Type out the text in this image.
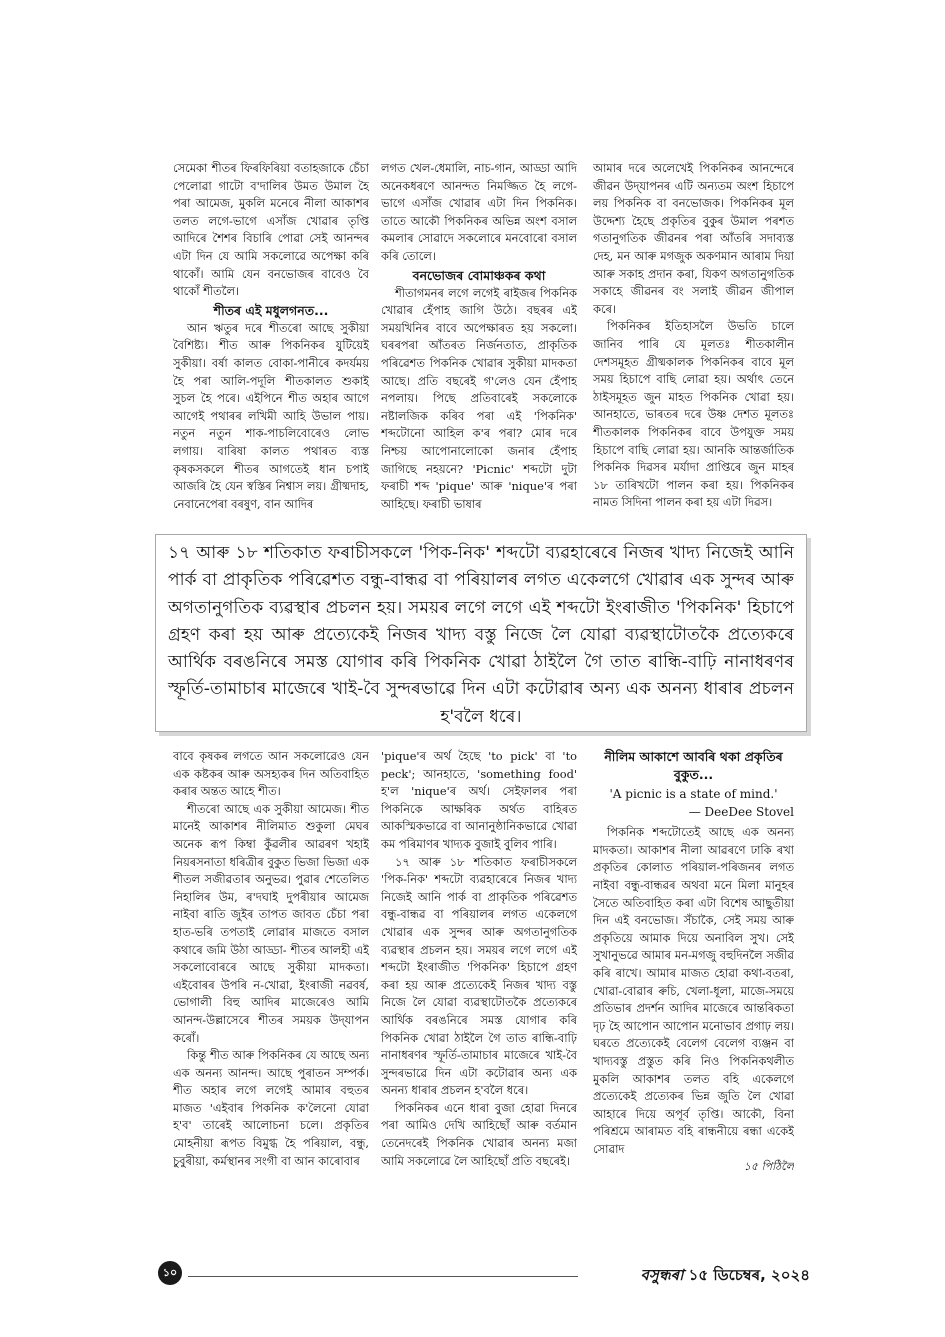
সেমেকা শীতৰ ফিৰফিৰিয়া বতাহজাকে চেঁচা পেলোৱা গাটো ব'দালিৰ উমত উমাল হৈ পৰা আমেজ, মুকলি মনেৰে নীলা আকাশৰ তলত লগে-ভাগে এসাঁজ খোৱাৰ তৃপ্তি আদিৰে শৈশৰ বিচাৰি পোৱা সেই আনন্দৰ এটা দিন যে আমি সকলোৱে অপেক্ষা কৰি থাকোঁ। আমি যেন বনভোজৰ বাবেও বৈ থাকোঁ শীতলৈ।

শীতৰ এই মধুলগনত...

আন ঋতুৰ দৰে শীতৰো আছে সুকীয়া বৈশিষ্ট্য। শীত আৰু পিকনিকৰ যুটিয়েই সুকীয়া। বৰ্ষা কালত বোকা-পানীৰে কদৰ্যময় হৈ পৰা আলি-পদূলি শীতকালত শুকাই সুচল হৈ পৰে। এইপিনে শীত অহাৰ আগে আগেই পথাৰৰ লখিমী আহি উভাল পায়। নতুন নতুন শাক-পাচলিবোৰেও লোভ লগায়। বাৰিষা কালত পথাৰত ব্যস্ত কৃষকসকলে শীতৰ আগতেই ধান চপাই আজৰি হৈ যেন স্বস্তিৰ নিশ্বাস লয়। গ্ৰীষ্মদাহ, নেবানেপেৰা বৰষুণ, বান আদিৰ

লগত খেল-ধেমালি, নাচ-গান, আড্ডা আদি অনেকধৰণে আনন্দত নিমজ্জিত হৈ লগে-ভাগে এসাঁজ খোৱাৰ এটা দিন পিকনিক। তাতে আকৌ পিকনিকৰ অভিন্ন অংশ বসাল কমলাৰ সোৱাদে সকলোৰে মনবোৰো বসাল কৰি তোলে।

বনভোজৰ বোমাঞ্চকৰ কথা

শীতাগমনৰ লগে লগেই ৰাইজৰ পিকনিক খোৱাৰ হেঁপাহ জাগি উঠে। বছৰৰ এই সময়খিনিৰ বাবে অপেক্ষাৰত হয় সকলো। ঘৰৰপৰা আঁতৰত নিৰ্জনতাত, প্ৰাকৃতিক পৰিৱেশত পিকনিক খোৱাৰ সুকীয়া মাদকতা আছে। প্ৰতি বছৰেই গ'লেও যেন হেঁপাহ নপলায়। পিছে প্ৰতিবাৰেই সকলোকে নষ্টালজিক কৰিব পৰা এই 'পিকনিক' শব্দটোনো আহিল ক'ৰ পৰা? মোৰ দৰে নিশ্চয় আপোনালোকো জনাৰ হেঁপাহ জাগিছে নহয়নে? 'Picnic' শব্দটো দুটা ফৰাচী শব্দ 'pique' আৰু 'nique'ৰ পৰা আহিছে। ফৰাচী ভাষাৰ

আমাৰ দৰে অলেখেই পিকনিকৰ আনন্দেৰে জীৱন উদ্‌যাপনৰ এটি অন্যতম অংশ হিচাপে লয় পিকনিক বা বনভোজক। পিকনিকৰ মূল উদ্দেশ্য হৈছে প্ৰকৃতিৰ বুকুৰ উমাল পৰশত গতানুগতিক জীৱনৰ পৰা আঁতৰি সদাব্যস্ত দেহ, মন আৰু মগজুক অকণমান আৰাম দিয়া আৰু সকাহ প্ৰদান কৰা, যিকণ অগতানুগতিক সকাহে জীৱনৰ বং সলাই জীৱন জীপাল কৰে।

পিকনিকৰ ইতিহাসলৈ উভতি চালে জানিব পাৰি যে মূলতঃ শীতকালীন দেশসমূহত গ্ৰীষ্মকালক পিকনিকৰ বাবে মূল সময় হিচাপে বাছি লোৱা হয়। অৰ্থাৎ তেনে ঠাইসমূহত জুন মাহত পিকনিক খোৱা হয়। আনহাতে, ভাৰতৰ দৰে উষ্ণ দেশত মূলতঃ শীতকালক পিকনিকৰ বাবে উপযুক্ত সময় হিচাপে বাছি লোৱা হয়। আনকি আন্তৰ্জাতিক পিকনিক দিৱসৰ মৰ্যাদা প্ৰাপ্তিৰে জুন মাহৰ ১৮ তাৰিখটো পালন কৰা হয়। পিকনিকৰ নামত সিদিনা পালন কৰা হয় এটা দিৱস।

১৭ আৰু ১৮ শতিকাত ফৰাচীসকলে 'পিক-নিক' শব্দটো ব্যৱহাৰেৰে নিজৰ খাদ্য নিজেই আনি পাৰ্ক বা প্ৰাকৃতিক পৰিৱেশত বন্ধু-বান্ধৱ বা পৰিয়ালৰ লগত একেলগে খোৱাৰ এক সুন্দৰ আৰু অগতানুগতিক ব্যৱস্থাৰ প্ৰচলন হয়। সময়ৰ লগে লগে এই শব্দটো ইংৰাজীত 'পিকনিক' হিচাপে গ্ৰহণ কৰা হয় আৰু প্ৰত্যেকেই নিজৰ খাদ্য বস্তু নিজে লৈ যোৱা ব্যৱস্থাটোতকৈ প্ৰত্যেকৰে আৰ্থিক বৰঙনিৰে সমস্ত যোগাৰ কৰি পিকনিক খোৱা ঠাইলৈ গৈ তাত ৰান্ধি-বাঢ়ি নানাধৰণৰ স্ফূৰ্তি-তামাচাৰ মাজেৰে খাই-বৈ সুন্দৰভাৱে দিন এটা কটোৱাৰ অন্য এক অনন্য ধাৰাৰ প্ৰচলন হ'বলৈ ধৰে।

বাবে কৃষকৰ লগতে আন সকলোৱেও যেন এক কষ্টকৰ আৰু অসহ্যকৰ দিন অতিবাহিত কৰাৰ অন্তত আহে শীত।

শীতৰো আছে এক সুকীয়া আমেজ। শীত মানেই আকাশৰ নীলিমাত শুকুলা মেঘৰ অনেক ৰূপ কিম্বা কুঁৱলীৰ আৱৰণ খহাই নিয়ৰসনাতা ধৰিত্ৰীৰ বুকুত ভিজা ভিজা এক শীতল সজীৱতাৰ অনুভৱ। পুৱাৰ শেতেলিত নিহালিৰ উম, ৰ'দঘাই দুপৰীয়াৰ আমেজ নাইবা ৰাতি জুইৰ তাপত জাবত চেঁচা পৰা হাত-ভৰি তপতাই লোৱাৰ মাজতে বসাল কথাৰে জমি উঠা আড্ডা- শীতৰ আলহী এই সকলোবোৰৰে আছে সুকীয়া মাদকতা। এইবোৰৰ উপৰি ন-খোৱা, ইংৰাজী নৱবৰ্ষ, ভোগালী বিহু আদিৰ মাজেৰেও আমি আনন্দ-উল্লাসেৰে শীতৰ সময়ক উদ্‌যাপন কৰোঁ।

কিন্তু শীত আৰু পিকনিকৰ যে আছে অন্য এক অনন্য আনন্দ। আছে পুৰাতন সম্পৰ্ক। শীত অহাৰ লগে লগেই আমাৰ বহুতৰ মাজত 'এইবাৰ পিকনিক ক'লৈনো যোৱা হ'ব' তাৰেই আলোচনা চলে। প্ৰকৃতিৰ মোহনীয়া ৰূপত বিমুগ্ধ হৈ পৰিয়াল, বন্ধু, চুবুৰীয়া, কৰ্মস্থানৰ সংগী বা আন কাৰোবাৰ

'pique'ৰ অৰ্থ হৈছে 'to pick' বা 'to peck'; আনহাতে, 'something food' হ'ল 'nique'ৰ অৰ্থ। সেইফালৰ পৰা পিকনিকে আক্ষৰিক অৰ্থত বাহিৰত আকস্মিকভাৱে বা আনানুষ্ঠানিকভাৱে খোৱা কম পৰিমাণৰ খাদ্যক বুজাই বুলিব পাৰি।

১৭ আৰু ১৮ শতিকাত ফৰাচীসকলে 'পিক-নিক' শব্দটো ব্যৱহাৰেৰে নিজৰ খাদ্য নিজেই আনি পাৰ্ক বা প্ৰাকৃতিক পৰিৱেশত বন্ধু-বান্ধৱ বা পৰিয়ালৰ লগত একেলগে খোৱাৰ এক সুন্দৰ আৰু অগতানুগতিক ব্যৱস্থাৰ প্ৰচলন হয়। সময়ৰ লগে লগে এই শব্দটো ইংৰাজীত 'পিকনিক' হিচাপে গ্ৰহণ কৰা হয় আৰু প্ৰত্যেকেই নিজৰ খাদ্য বস্তু নিজে লৈ যোৱা ব্যৱস্থাটোতকৈ প্ৰত্যেকৰে আৰ্থিক বৰঙনিৰে সমস্ত যোগাৰ কৰি পিকনিক খোৱা ঠাইলৈ গৈ তাত ৰান্ধি-বাঢ়ি নানাধৰণৰ স্ফূৰ্তি-তামাচাৰ মাজেৰে খাই-বৈ সুন্দৰভাৱে দিন এটা কটোৱাৰ অন্য এক অনন্য ধাৰাৰ প্ৰচলন হ'বলৈ ধৰে।

পিকনিকৰ এনে ধাৰা বুজা হোৱা দিনৰে পৰা আমিও দেখি আহিছোঁ আৰু বৰ্তমান তেনেদৰেই পিকনিক খোৱাৰ অনন্য মজা আমি সকলোৱে লৈ আহিছোঁ প্ৰতি বছৰেই।

নীলিম আকাশে আবৰি থকা প্ৰকৃতিৰ বুকুত...
'A picnic is a state of mind.'
— DeeDee Stovel

পিকনিক শব্দটোতেই আছে এক অনন্য মাদকতা। আকাশৰ নীলা আৱৰণে ঢাকি ৰখা প্ৰকৃতিৰ কোলাত পৰিয়াল-পৰিজনৰ লগত নাইবা বন্ধু-বান্ধৱৰ অথবা মনে মিলা মানুহৰ সৈতে অতিবাহিত কৰা এটা বিশেষ আছুতীয়া দিন এই বনভোজ। সঁচাকৈ, সেই সময় আৰু প্ৰকৃতিয়ে আমাক দিয়ে অনাবিল সুখ। সেই সুখানুভৱে আমাৰ মন-মগজু বহুদিনলৈ সজীৱ কৰি ৰাখে। আমাৰ মাজত হোৱা কথা-বতৰা, খোৱা-বোৱাৰ ৰুচি, খেলা-ধূলা, মাজে-সময়ে প্ৰতিভাৰ প্ৰদৰ্শন আদিৰ মাজেৰে আন্তৰিকতা দৃঢ় হৈ আপোন আপোন মনোভাব প্ৰগাঢ় লয়। ঘৰতে প্ৰত্যেকেই বেলেগ বেলেগ ব্যঞ্জন বা খাদ্যবস্তু প্ৰস্তুত কৰি নিও পিকনিকথলীত মুকলি আকাশৰ তলত বহি একেলগে প্ৰত্যেকেই প্ৰত্যেকৰ ভিন্ন জুতি লৈ খোৱা আহাৰে দিয়ে অপূৰ্ব তৃপ্তি। আকৌ, বিনা পৰিশ্ৰমে আৰামত বহি ৰান্ধনীয়ে ৰন্ধা একেই সোৱাদ

১৫ পিঠিলৈ
১০	বসুন্ধৰা ১৫ ডিচেম্বৰ, ২০২৪
